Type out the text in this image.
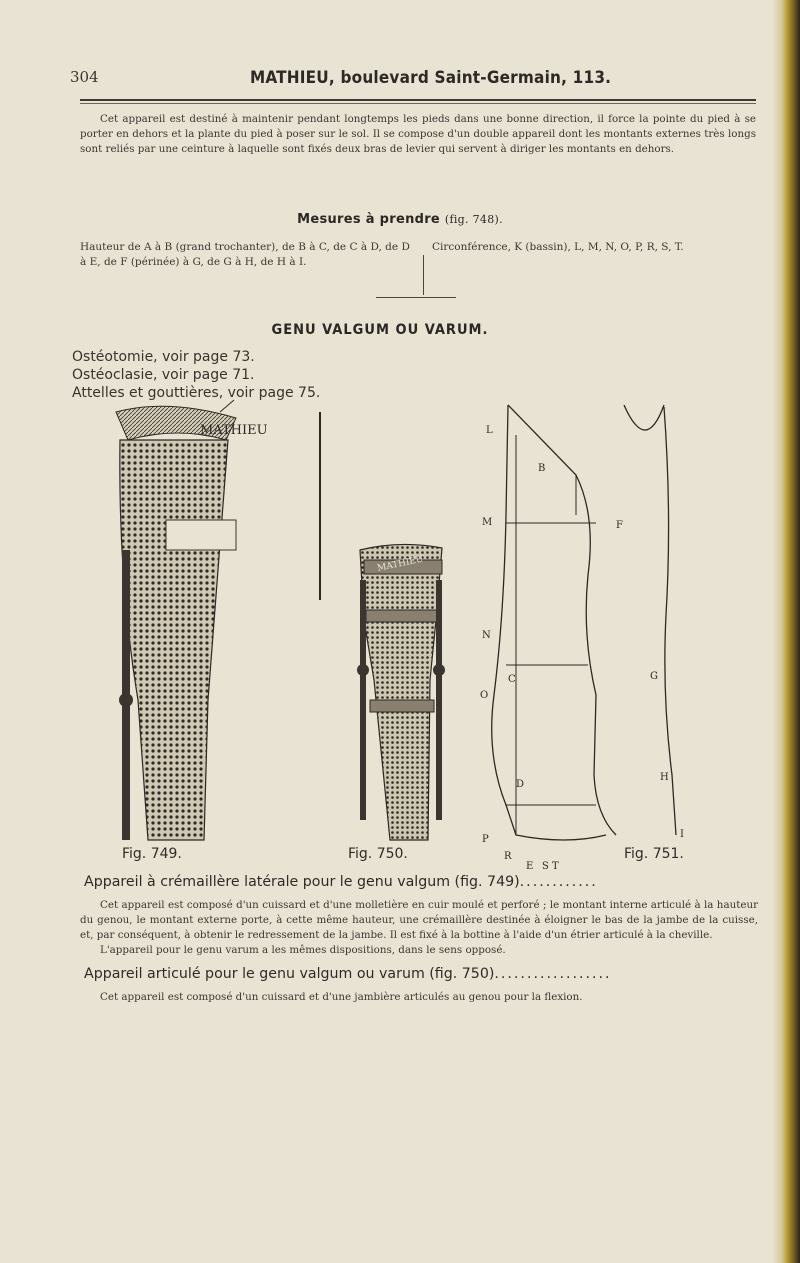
304	MATHIEU, boulevard Saint-Germain, 113.

Cet appareil est destiné à maintenir pendant longtemps les pieds dans une bonne direction, il force la pointe du pied à se porter en dehors et la plante du pied à poser sur le sol. Il se compose d'un double appareil dont les montants externes très longs sont reliés par une ceinture à laquelle sont fixés deux bras de levier qui servent à diriger les montants en dehors.

Mesures à prendre (fig. 748).
Hauteur de A à B (grand trochanter), de B à C, de C à D, de D à E, de F (périnée) à G, de G à H, de H à I.
Circonférence, K (bassin), L, M, N, O, P, R, S, T.
GENU VALGUM OU VARUM.
Ostéotomie, voir page 73.
Ostéoclasie, voir page 71.
Attelles et gouttières, voir page 75.
MATHIEU
Fig. 749.
MATHIEU
Fig. 750.
L
B
M	F
N
C	G
O
P
D
H
R
E S T
I
Fig. 751.
Appareil à crémaillère latérale pour le genu valgum (fig. 749)............

Cet appareil est composé d'un cuissard et d'une molletière en cuir moulé et perforé ; le montant interne articulé à la hauteur du genou, le montant externe porte, à cette même hauteur, une crémaillère destinée à éloigner le bas de la jambe de la cuisse, et, par conséquent, à obtenir le redressement de la jambe. Il est fixé à la bottine à l'aide d'un étrier articulé à la cheville.

L'appareil pour le genu varum a les mêmes dispositions, dans le sens opposé.

Appareil articulé pour le genu valgum ou varum (fig. 750)..................

Cet appareil est composé d'un cuissard et d'une jambière articulés au genou pour la flexion.
